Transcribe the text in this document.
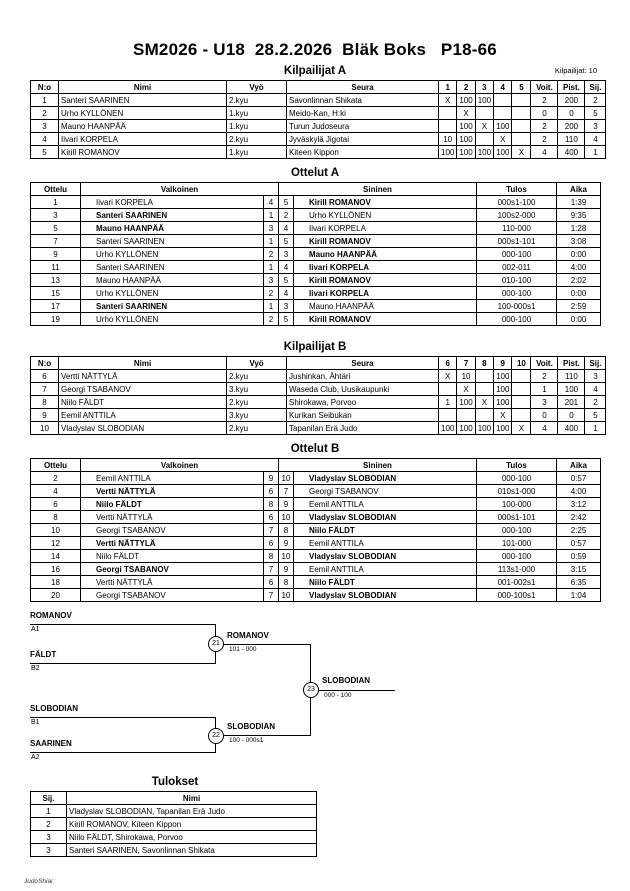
Kilpailijat: 10
SM2026 - U18  28.2.2026  Bläk Boks   P18-66
Kilpailijat A
N:o	Nimi	Vyö	Seura	1	2	3	4	5	Voit.	Pist.	Sij.
1	Santeri SAARINEN	2.kyu	Savonlinnan Shikata	X	100	100			2	200	2
2	Urho KYLLÖNEN	1.kyu	Meido-Kan, H:ki		X				0	0	5
3	Mauno HAANPÄÄ	1.kyu	Turun Judoseura		100	X	100		2	200	3
4	Iivari KORPELA	2.kyu	Jyväskylä Jigotai	10	100		X		2	110	4
5	Kirill ROMANOV	1.kyu	Kiteen Kippon	100	100	100	100	X	4	400	1
Ottelut A
Ottelu	Valkoinen		Sininen		Tulos	Aika
1	Iivari KORPELA	4	5	Kirill ROMANOV	000s1-100	1:39
3	Santeri SAARINEN	1	2	Urho KYLLÖNEN	100s2-000	9:35
5	Mauno HAANPÄÄ	3	4	Iivari KORPELA	110-000	1:28
7	Santeri SAARINEN	1	5	Kirill ROMANOV	000s1-101	3:08
9	Urho KYLLÖNEN	2	3	Mauno HAANPÄÄ	000-100	0:00
11	Santeri SAARINEN	1	4	Iivari KORPELA	002-011	4:00
13	Mauno HAANPÄÄ	3	5	Kirill ROMANOV	010-100	2:02
15	Urho KYLLÖNEN	2	4	Iivari KORPELA	000-100	0:00
17	Santeri SAARINEN	1	3	Mauno HAANPÄÄ	100-000s1	2:59
19	Urho KYLLÖNEN	2	5	Kirill ROMANOV	000-100	0:00
Kilpailijat B
N:o	Nimi	Vyö	Seura	6	7	8	9	10	Voit.	Pist.	Sij.
6	Vertti NÄTTYLÄ	2.kyu	Jushinkan, Ähtäri	X	10		100		2	110	3
7	Georgi TSABANOV	3.kyu	Waseda Club, Uusikaupunki		X		100		1	100	4
8	Niilo FÄLDT	2.kyu	Shirokawa, Porvoo	1	100	X	100		3	201	2
9	Eemil ANTTILA	3.kyu	Kurikan Seibukan				X		0	0	5
10	Vladyslav SLOBODIAN	2.kyu	Tapanilan Erä Judo	100	100	100	100	X	4	400	1
Ottelut B
Ottelu	Valkoinen		Sininen		Tulos	Aika
2	Eemil ANTTILA	9	10	Vladyslav SLOBODIAN	000-100	0:57
4	Vertti NÄTTYLÄ	6	7	Georgi TSABANOV	010s1-000	4:00
6	Niilo FÄLDT	8	9	Eemil ANTTILA	100-000	3:12
8	Vertti NÄTTYLÄ	6	10	Vladyslav SLOBODIAN	000s1-101	2:42
10	Georgi TSABANOV	7	8	Niilo FÄLDT	000-100	2:25
12	Vertti NÄTTYLÄ	6	9	Eemil ANTTILA	101-000	0:57
14	Niilo FÄLDT	8	10	Vladyslav SLOBODIAN	000-100	0:59
16	Georgi TSABANOV	7	9	Eemil ANTTILA	113s1-000	3:15
18	Vertti NÄTTYLÄ	6	8	Niilo FÄLDT	001-002s1	6:35
20	Georgi TSABANOV	7	10	Vladyslav SLOBODIAN	000-100s1	1:04
ROMANOV
A1
FÄLDT
B2
21
ROMANOV
101 - 000
SLOBODIAN
B1
SAARINEN
A2
22
SLOBODIAN
100 - 000s1
23
SLOBODIAN
000 - 100
Tulokset
Sij.	Nimi
1	Vladyslav SLOBODIAN, Tapanilan Erä Judo
2	Kirill ROMANOV, Kiteen Kippon
3	Niilo FÄLDT, Shirokawa, Porvoo
3	Santeri SAARINEN, Savonlinnan Shikata
JudoShiai
